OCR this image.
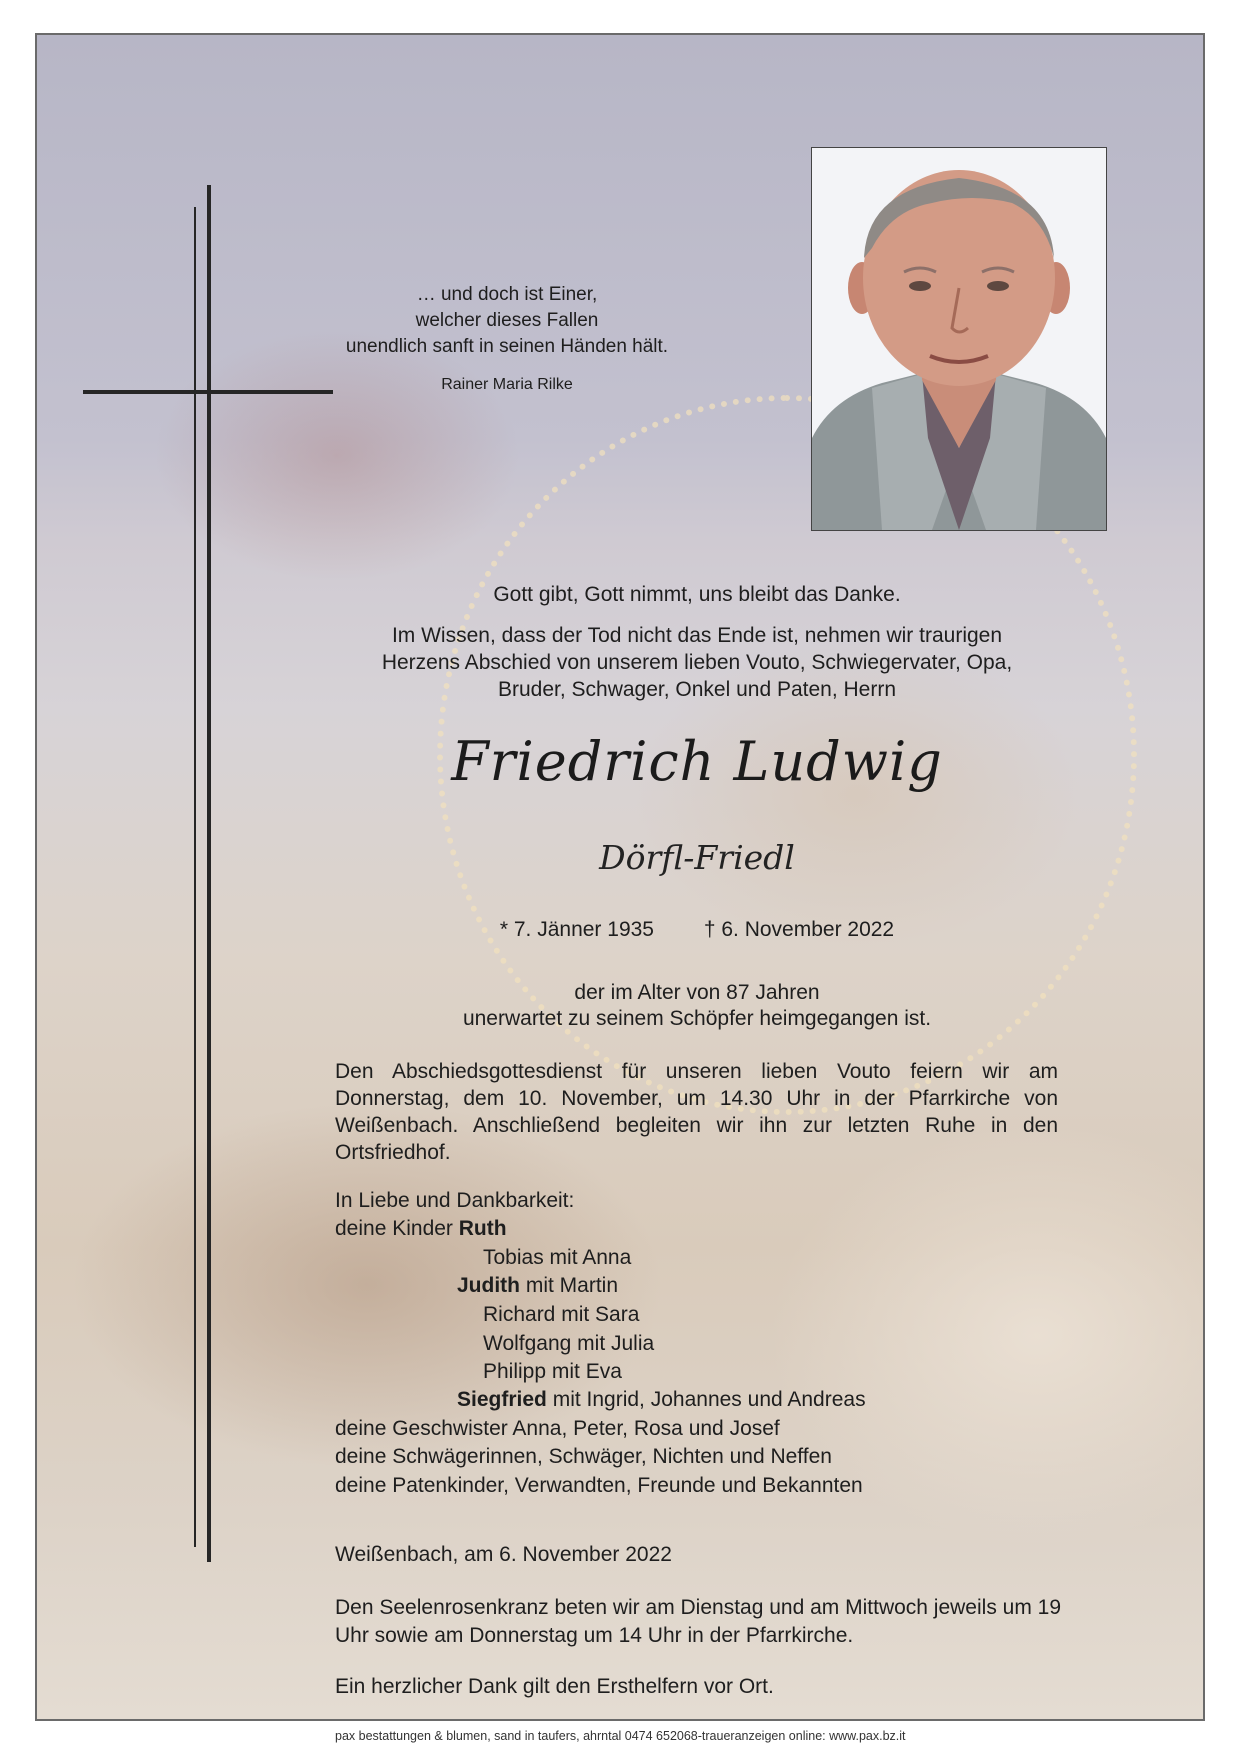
… und doch ist Einer,
welcher dieses Fallen
unendlich sanft in seinen Händen hält.
Rainer Maria Rilke

Gott gibt, Gott nimmt, uns bleibt das Danke.

Im Wissen, dass der Tod nicht das Ende ist, nehmen wir traurigen

Herzens Abschied von unserem lieben Vouto, Schwiegervater, Opa,

Bruder, Schwager, Onkel und Paten, Herrn

Friedrich Ludwig
Dörfl-Friedl
* 7. Jänner 1935 † 6. November 2022
der im Alter von 87 Jahren
unerwartet zu seinem Schöpfer heimgegangen ist.
Den Abschiedsgottesdienst für unseren lieben Vouto feiern wir am Donnerstag, dem 10. November, um 14.30 Uhr in der Pfarrkirche von Weißenbach. Anschließend begleiten wir ihn zur letzten Ruhe in den Ortsfriedhof.
In Liebe und Dankbarkeit:
deine Kinder Ruth
Tobias mit Anna
Judith mit Martin
Richard mit Sara
Wolfgang mit Julia
Philipp mit Eva
Siegfried mit Ingrid, Johannes und Andreas
deine Geschwister Anna, Peter, Rosa und Josef
deine Schwägerinnen, Schwäger, Nichten und Neffen
deine Patenkinder, Verwandten, Freunde und Bekannten
Weißenbach, am 6. November 2022
Den Seelenrosenkranz beten wir am Dienstag und am Mittwoch jeweils um 19 Uhr sowie am Donnerstag um 14 Uhr in der Pfarrkirche.
Ein herzlicher Dank gilt den Ersthelfern vor Ort.
pax bestattungen & blumen, sand in taufers, ahrntal 0474 652068-traueranzeigen online: www.pax.bz.it
